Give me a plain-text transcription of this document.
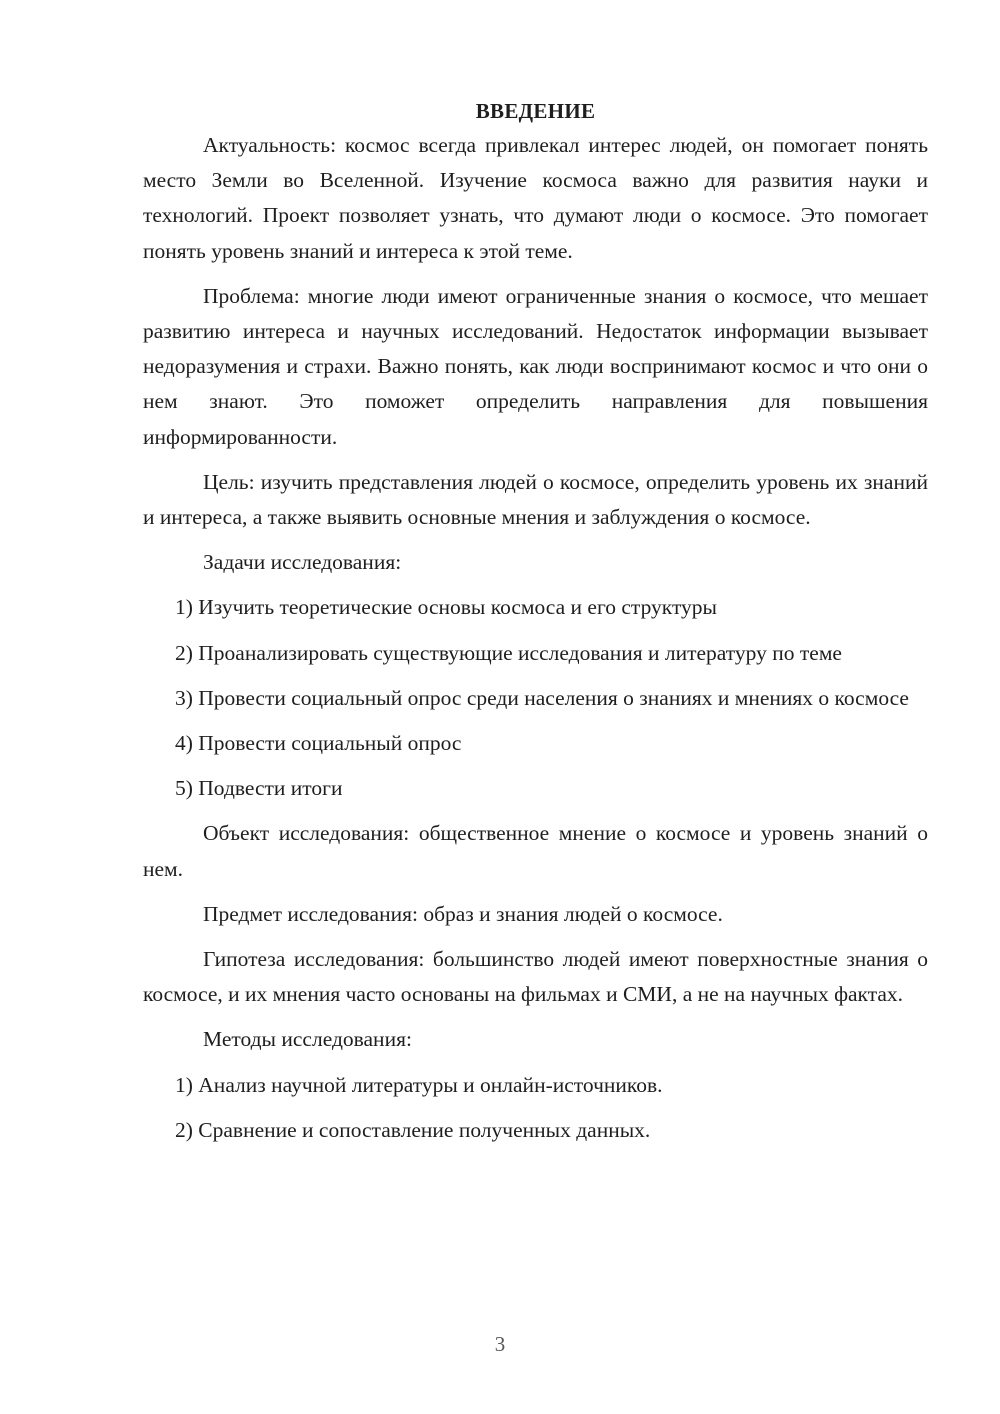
ВВЕДЕНИЕ

Актуальность: космос всегда привлекал интерес людей, он помогает понять место Земли во Вселенной. Изучение космоса важно для развития науки и технологий. Проект позволяет узнать, что думают люди о космосе. Это помогает понять уровень знаний и интереса к этой теме.

Проблема: многие люди имеют ограниченные знания о космосе, что мешает развитию интереса и научных исследований. Недостаток информации вызывает недоразумения и страхи. Важно понять, как люди воспринимают космос и что они о нем знают. Это поможет определить направления для повышения информированности.

Цель: изучить представления людей о космосе, определить уровень их знаний и интереса, а также выявить основные мнения и заблуждения о космосе.

Задачи исследования:

1) Изучить теоретические основы космоса и его структуры

2) Проанализировать существующие исследования и литературу по теме

3) Провести социальный опрос среди населения о знаниях и мнениях о космосе

4) Провести социальный опрос

5) Подвести итоги

Объект исследования: общественное мнение о космосе и уровень знаний о нем.

Предмет исследования: образ и знания людей о космосе.

Гипотеза исследования: большинство людей имеют поверхностные знания о космосе, и их мнения часто основаны на фильмах и СМИ, а не на научных фактах.

Методы исследования:

1) Анализ научной литературы и онлайн-источников.

2) Сравнение и сопоставление полученных данных.

3
